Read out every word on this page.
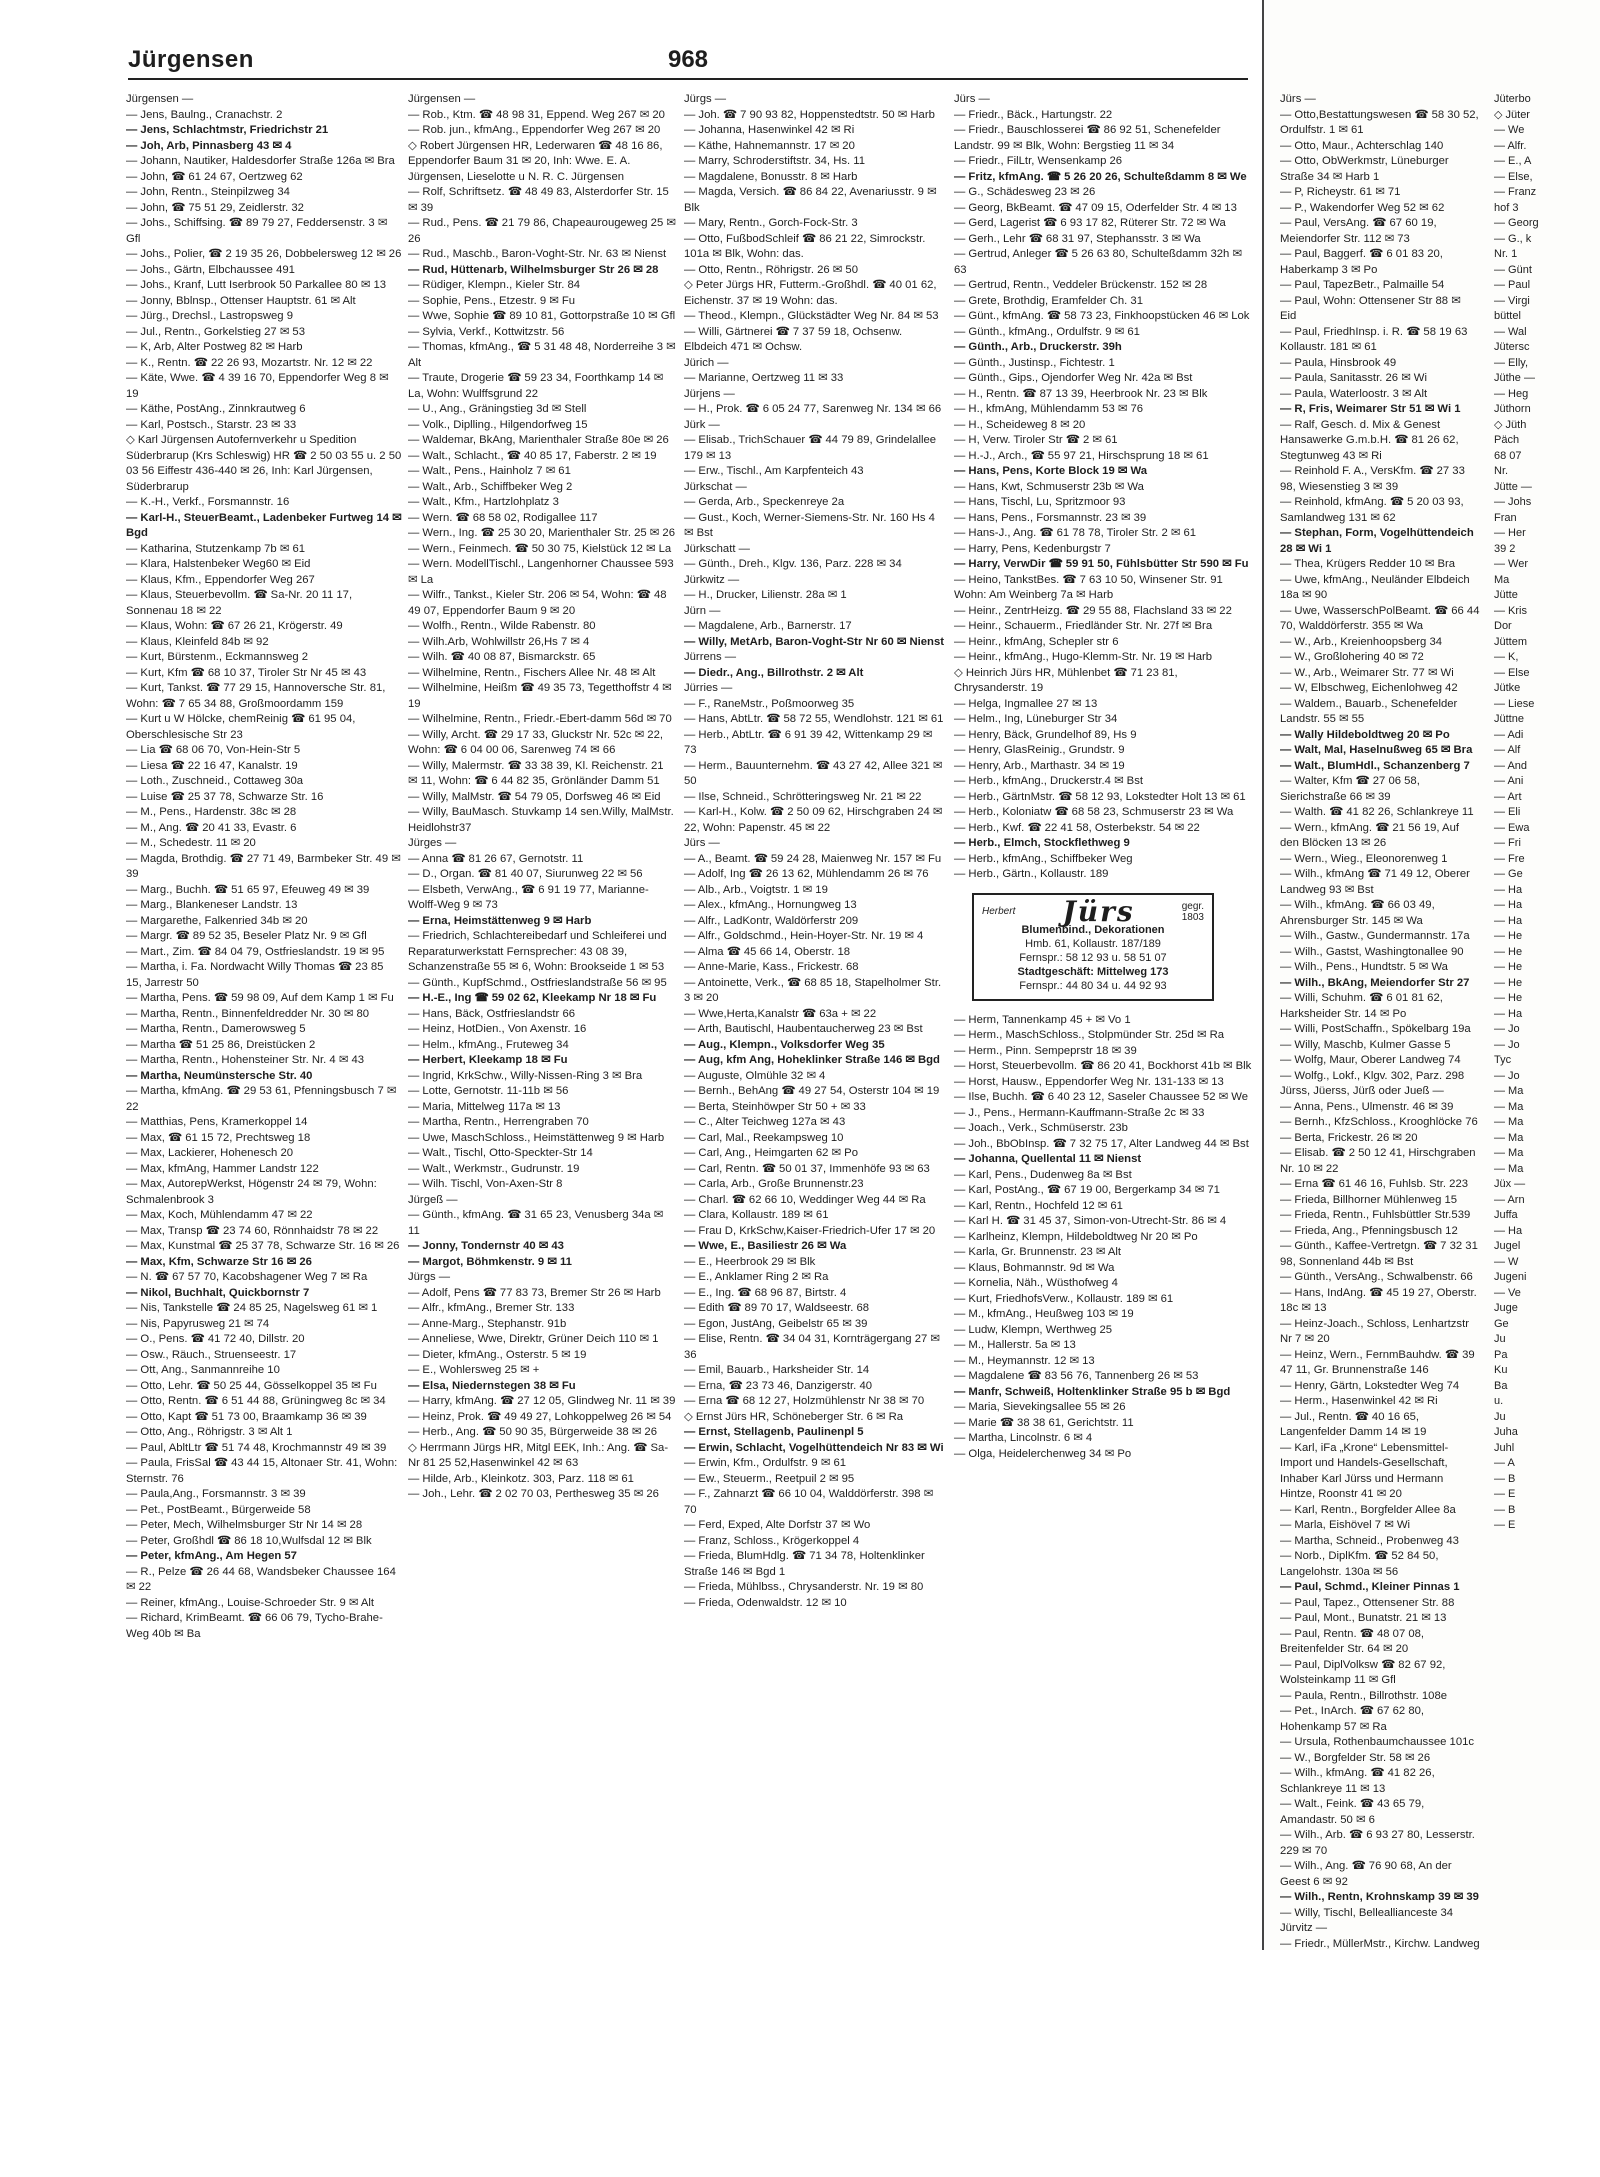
Jürgensen	968
Jürgensen —
— Jens, Baulng., Cranachstr. 2
— Jens, Schlachtmstr, Friedrichstr 21
— Joh, Arb, Pinnasberg 43 ✉ 4
— Johann, Nautiker, Haldesdorfer Straße 126a ✉ Bra
— John, ☎ 61 24 67, Oertzweg 62
— John, Rentn., Steinpilzweg 34
— John, ☎ 75 51 29, Zeidlerstr. 32
— Johs., Schiffsing. ☎ 89 79 27, Feddersenstr. 3 ✉ Gfl
— Johs., Polier, ☎ 2 19 35 26, Dobbelersweg 12 ✉ 26
— Johs., Gärtn, Elbchaussee 491
— Johs., Kranf, Lutt Iserbrook 50 Parkallee 80 ✉ 13
— Jonny, Bblnsp., Ottenser Hauptstr. 61 ✉ Alt
— Jürg., Drechsl., Lastropsweg 9
— Jul., Rentn., Gorkelstieg 27 ✉ 53
— K, Arb, Alter Postweg 82 ✉ Harb
— K., Rentn. ☎ 22 26 93, Mozartstr. Nr. 12 ✉ 22
— Käte, Wwe. ☎ 4 39 16 70, Eppendorfer Weg 8 ✉ 19
— Käthe, PostAng., Zinnkrautweg 6
— Karl, Postsch., Starstr. 23 ✉ 33
◇ Karl Jürgensen Autofernverkehr u Spedition Süderbrarup (Krs Schleswig) HR ☎ 2 50 03 55 u. 2 50 03 56 Eiffestr 436-440 ✉ 26, Inh: Karl Jürgensen, Süderbrarup
— K.-H., Verkf., Forsmannstr. 16
— Karl-H., SteuerBeamt., Ladenbeker Furtweg 14 ✉ Bgd
— Katharina, Stutzenkamp 7b ✉ 61
— Klara, Halstenbeker Weg60 ✉ Eid
— Klaus, Kfm., Eppendorfer Weg 267
— Klaus, Steuerbevollm. ☎ Sa-Nr. 20 11 17, Sonnenau 18 ✉ 22
— Klaus, Wohn: ☎ 67 26 21, Krögerstr. 49
— Klaus, Kleinfeld 84b ✉ 92
— Kurt, Bürstenm., Eckmannsweg 2
— Kurt, Kfm ☎ 68 10 37, Tiroler Str Nr 45 ✉ 43
— Kurt, Tankst. ☎ 77 29 15, Hannoversche Str. 81, Wohn: ☎ 7 65 34 88, Großmoordamm 159
— Kurt u W Hölcke, chemReinig ☎ 61 95 04, Oberschlesische Str 23
— Lia ☎ 68 06 70, Von-Hein-Str 5
— Liesa ☎ 22 16 47, Kanalstr. 19
— Loth., Zuschneid., Cottaweg 30a
— Luise ☎ 25 37 78, Schwarze Str. 16
— M., Pens., Hardenstr. 38c ✉ 28
— M., Ang. ☎ 20 41 33, Evastr. 6
— M., Schedestr. 11 ✉ 20
— Magda, Brothdig. ☎ 27 71 49, Barmbeker Str. 49 ✉ 39
— Marg., Buchh. ☎ 51 65 97, Efeuweg 49 ✉ 39
— Marg., Blankeneser Landstr. 13
— Margarethe, Falkenried 34b ✉ 20
— Margr. ☎ 89 52 35, Beseler Platz Nr. 9 ✉ Gfl
— Mart., Zim. ☎ 84 04 79, Ostfrieslandstr. 19 ✉ 95
— Martha, i. Fa. Nordwacht Willy Thomas ☎ 23 85 15, Jarrestr 50
— Martha, Pens. ☎ 59 98 09, Auf dem Kamp 1 ✉ Fu
— Martha, Rentn., Binnenfeldredder Nr. 30 ✉ 80
— Martha, Rentn., Damerowsweg 5
— Martha ☎ 51 25 86, Dreistücken 2
— Martha, Rentn., Hohensteiner Str. Nr. 4 ✉ 43
— Martha, Neumünstersche Str. 40
— Martha, kfmAng. ☎ 29 53 61, Pfenningsbusch 7 ✉ 22
— Matthias, Pens, Kramerkoppel 14
— Max, ☎ 61 15 72, Prechtsweg 18
— Max, Lackierer, Hohenesch 20
— Max, kfmAng, Hammer Landstr 122
— Max, AutorepWerkst, Högenstr 24 ✉ 79, Wohn: Schmalenbrook 3
— Max, Koch, Mühlendamm 47 ✉ 22
— Max, Transp ☎ 23 74 60, Rönnhaidstr 78 ✉ 22
— Max, Kunstmal ☎ 25 37 78, Schwarze Str. 16 ✉ 26
— Max, Kfm, Schwarze Str 16 ✉ 26
— N. ☎ 67 57 70, Kacobshagener Weg 7 ✉ Ra
— Nikol, Buchhalt, Quickbornstr 7
— Nis, Tankstelle ☎ 24 85 25, Nagelsweg 61 ✉ 1
— Nis, Papyrusweg 21 ✉ 74
— O., Pens. ☎ 41 72 40, Dillstr. 20
— Osw., Räuch., Struenseestr. 17
— Ott, Ang., Sanmannreihe 10
— Otto, Lehr. ☎ 50 25 44, Gösselkoppel 35 ✉ Fu
— Otto, Rentn. ☎ 6 51 44 88, Grüningweg 8c ✉ 34
— Otto, Kapt ☎ 51 73 00, Braamkamp 36 ✉ 39
— Otto, Ang., Röhrigstr. 3 ✉ Alt 1
— Paul, AbltLtr ☎ 51 74 48, Krochmannstr 49 ✉ 39
— Paula, FrisSal ☎ 43 44 15, Altonaer Str. 41, Wohn: Sternstr. 76
— Paula,Ang., Forsmannstr. 3 ✉ 39
— Pet., PostBeamt., Bürgerweide 58
— Peter, Mech, Wilhelmsburger Str Nr 14 ✉ 28
— Peter, Großhdl ☎ 86 18 10,Wulfsdal 12 ✉ Blk
— Peter, kfmAng., Am Hegen 57
— R., Pelze ☎ 26 44 68, Wandsbeker Chaussee 164 ✉ 22
— Reiner, kfmAng., Louise-Schroeder Str. 9 ✉ Alt
— Richard, KrimBeamt. ☎ 66 06 79, Tycho-Brahe-Weg 40b ✉ Ba
Jürgensen —
— Rob., Ktm. ☎ 48 98 31, Eppend. Weg 267 ✉ 20
— Rob. jun., kfmAng., Eppendorfer Weg 267 ✉ 20
◇ Robert Jürgensen HR, Lederwaren ☎ 48 16 86, Eppendorfer Baum 31 ✉ 20, Inh: Wwe. E. A. Jürgensen, Lieselotte u N. R. C. Jürgensen
— Rolf, Schriftsetz. ☎ 48 49 83, Alsterdorfer Str. 15 ✉ 39
— Rud., Pens. ☎ 21 79 86, Chapeaurougeweg 25 ✉ 26
— Rud., Maschb., Baron-Voght-Str. Nr. 63 ✉ Nienst
— Rud, Hüttenarb, Wilhelmsburger Str 26 ✉ 28
— Rüdiger, Klempn., Kieler Str. 84
— Sophie, Pens., Etzestr. 9 ✉ Fu
— Wwe, Sophie ☎ 89 10 81, Gottorpstraße 10 ✉ Gfl
— Sylvia, Verkf., Kottwitzstr. 56
— Thomas, kfmAng., ☎ 5 31 48 48, Norderreihe 3 ✉ Alt
— Traute, Drogerie ☎ 59 23 34, Foorthkamp 14 ✉ La, Wohn: Wulffsgrund 22
— U., Ang., Gräningstieg 3d ✉ Stell
— Volk., Diplling., Hilgendorfweg 15
— Waldemar, BkAng, Marienthaler Straße 80e ✉ 26
— Walt., Schlacht., ☎ 40 85 17, Faberstr. 2 ✉ 19
— Walt., Pens., Hainholz 7 ✉ 61
— Walt., Arb., Schiffbeker Weg 2
— Walt., Kfm., Hartzlohplatz 3
— Wern. ☎ 68 58 02, Rodigallee 117
— Wern., Ing. ☎ 25 30 20, Marienthaler Str. 25 ✉ 26
— Wern., Feinmech. ☎ 50 30 75, Kielstück 12 ✉ La
— Wern. ModellTischl., Langenhorner Chaussee 593 ✉ La
— Wilfr., Tankst., Kieler Str. 206 ✉ 54, Wohn: ☎ 48 49 07, Eppendorfer Baum 9 ✉ 20
— Wolfh., Rentn., Wilde Rabenstr. 80
— Wilh.Arb, Wohlwillstr 26,Hs 7 ✉ 4
— Wilh. ☎ 40 08 87, Bismarckstr. 65
— Wilhelmine, Rentn., Fischers Allee Nr. 48 ✉ Alt
— Wilhelmine, Heißm ☎ 49 35 73, Tegetthoffstr 4 ✉ 19
— Wilhelmine, Rentn., Friedr.-Ebert-damm 56d ✉ 70
— Willy, Archt. ☎ 29 17 33, Gluckstr Nr. 52c ✉ 22, Wohn: ☎ 6 04 00 06, Sarenweg 74 ✉ 66
— Willy, Malermstr. ☎ 33 38 39, Kl. Reichenstr. 21 ✉ 11, Wohn: ☎ 6 44 82 35, Grönländer Damm 51
— Willy, MalMstr. ☎ 54 79 05, Dorfsweg 46 ✉ Eid
— Willy, BauMasch. Stuvkamp 14 sen.Willy, MalMstr. Heidlohstr37
Jürges —
— Anna ☎ 81 26 67, Gernotstr. 11
— D., Organ. ☎ 81 40 07, Siurunweg 22 ✉ 56
— Elsbeth, VerwAng., ☎ 6 91 19 77, Marianne-Wolff-Weg 9 ✉ 73
— Erna, Heimstättenweg 9 ✉ Harb
— Friedrich, Schlachtereibedarf und Schleiferei und Reparaturwerkstatt Fernsprecher: 43 08 39, Schanzenstraße 55 ✉ 6, Wohn: Brookseide 1 ✉ 53
— Günth., KupfSchmd., Ostfrieslandstraße 56 ✉ 95
— H.-E., Ing ☎ 59 02 62, Kleekamp Nr 18 ✉ Fu
— Hans, Bäck, Ostfrieslandstr 66
— Heinz, HotDien., Von Axenstr. 16
— Helm., kfmAng., Fruteweg 34
— Herbert, Kleekamp 18 ✉ Fu
— Ingrid, KrkSchw., Willy-Nissen-Ring 3 ✉ Bra
— Lotte, Gernotstr. 11-11b ✉ 56
— Maria, Mittelweg 117a ✉ 13
— Martha, Rentn., Herrengraben 70
— Uwe, MaschSchloss., Heimstättenweg 9 ✉ Harb
— Walt., Tischl, Otto-Speckter-Str 14
— Walt., Werkmstr., Gudrunstr. 19
— Wilh. Tischl, Von-Axen-Str 8
Jürgeß —
— Günth., kfmAng. ☎ 31 65 23, Venusberg 34a ✉ 11
— Jonny, Tondernstr 40 ✉ 43
— Margot, Böhmkenstr. 9 ✉ 11
Jürgs —
— Adolf, Pens ☎ 77 83 73, Bremer Str 26 ✉ Harb
— Alfr., kfmAng., Bremer Str. 133
— Anne-Marg., Stephanstr. 91b
— Anneliese, Wwe, Direktr, Grüner Deich 110 ✉ 1
— Dieter, kfmAng., Osterstr. 5 ✉ 19
— E., Wohlersweg 25 ✉ +
— Elsa, Niedernstegen 38 ✉ Fu
— Harry, kfmAng. ☎ 27 12 05, Glindweg Nr. 11 ✉ 39
— Heinz, Prok. ☎ 49 49 27, Lohkoppelweg 26 ✉ 54
— Herb., Ang. ☎ 50 90 35, Bürgerweide 38 ✉ 26
◇ Herrmann Jürgs HR, Mitgl EEK, Inh.: Ang. ☎ Sa-Nr 81 25 52,Hasenwinkel 42 ✉ 63
— Hilde, Arb., Kleinkotz. 303, Parz. 118 ✉ 61
— Joh., Lehr. ☎ 2 02 70 03, Perthesweg 35 ✉ 26
Jürgs —
— Joh. ☎ 7 90 93 82, Hoppenstedtstr. 50 ✉ Harb
— Johanna, Hasenwinkel 42 ✉ Ri
— Käthe, Hahnemannstr. 17 ✉ 20
— Marry, Schroderstiftstr. 34, Hs. 11
— Magdalene, Bonusstr. 8 ✉ Harb
— Magda, Versich. ☎ 86 84 22, Avenariusstr. 9 ✉ Blk
— Mary, Rentn., Gorch-Fock-Str. 3
— Otto, FußbodSchleif ☎ 86 21 22, Simrockstr. 101a ✉ Blk, Wohn: das.
— Otto, Rentn., Röhrigstr. 26 ✉ 50
◇ Peter Jürgs HR, Futterm.-Großhdl. ☎ 40 01 62, Eichenstr. 37 ✉ 19 Wohn: das.
— Theod., Klempn., Glückstädter Weg Nr. 84 ✉ 53
— Willi, Gärtnerei ☎ 7 37 59 18, Ochsenw. Elbdeich 471 ✉ Ochsw.
Jürich —
— Marianne, Oertzweg 11 ✉ 33
Jürjens —
— H., Prok. ☎ 6 05 24 77, Sarenweg Nr. 134 ✉ 66
Jürk —
— Elisab., TrichSchauer ☎ 44 79 89, Grindelallee 179 ✉ 13
— Erw., Tischl., Am Karpfenteich 43
Jürkschat —
— Gerda, Arb., Speckenreye 2a
— Gust., Koch, Werner-Siemens-Str. Nr. 160 Hs 4 ✉ Bst
Jürkschatt —
— Günth., Dreh., Klgv. 136, Parz. 228 ✉ 34
Jürkwitz —
— H., Drucker, Lilienstr. 28a ✉ 1
Jürn —
— Magdalene, Arb., Barnerstr. 17
— Willy, MetArb, Baron-Voght-Str Nr 60 ✉ Nienst
Jürrens —
— Diedr., Ang., Billrothstr. 2 ✉ Alt
Jürries —
— F., RaneMstr., Poßmoorweg 35
— Hans, AbtLtr. ☎ 58 72 55, Wendlohstr. 121 ✉ 61
— Herb., AbtLtr. ☎ 6 91 39 42, Wittenkamp 29 ✉ 73
— Herm., Bauunternehm. ☎ 43 27 42, Allee 321 ✉ 50
— Ilse, Schneid., Schrötteringsweg Nr. 21 ✉ 22
— Karl-H., Kolw. ☎ 2 50 09 62, Hirschgraben 24 ✉ 22, Wohn: Papenstr. 45 ✉ 22
Jürs —
— A., Beamt. ☎ 59 24 28, Maienweg Nr. 157 ✉ Fu
— Adolf, Ing ☎ 26 13 62, Mühlendamm 26 ✉ 76
— Alb., Arb., Voigtstr. 1 ✉ 19
— Alex., kfmAng., Hornungweg 13
— Alfr., LadKontr, Waldörferstr 209
— Alfr., Goldschmd., Hein-Hoyer-Str. Nr. 19 ✉ 4
— Alma ☎ 45 66 14, Oberstr. 18
— Anne-Marie, Kass., Frickestr. 68
— Antoinette, Verk., ☎ 68 85 18, Stapelholmer Str. 3 ✉ 20
— Wwe,Herta,Kanalstr ☎ 63a + ✉ 22
— Arth, Bautischl, Haubentaucherweg 23 ✉ Bst
— Aug., Klempn., Volksdorfer Weg 35
— Aug, kfm Ang, Hoheklinker Straße 146 ✉ Bgd
— Auguste, Olmühle 32 ✉ 4
— Bernh., BehAng ☎ 49 27 54, Osterstr 104 ✉ 19
— Berta, Steinhöwper Str 50 + ✉ 33
— C., Alter Teichweg 127a ✉ 43
— Carl, Mal., Reekampsweg 10
— Carl, Ang., Heimgarten 62 ✉ Po
— Carl, Rentn. ☎ 50 01 37, Immenhöfe 93 ✉ 63
— Carla, Arb., Große Brunnenstr.23
— Charl. ☎ 62 66 10, Weddinger Weg 44 ✉ Ra
— Clara, Kollaustr. 189 ✉ 61
— Frau D, KrkSchw,Kaiser-Friedrich-Ufer 17 ✉ 20
— Wwe, E., Basiliestr 26 ✉ Wa
— E., Heerbrook 29 ✉ Blk
— E., Anklamer Ring 2 ✉ Ra
— E., Ing. ☎ 68 96 87, Birtstr. 4
— Edith ☎ 89 70 17, Waldseestr. 68
— Egon, JustAng, Geibelstr 65 ✉ 39
— Elise, Rentn. ☎ 34 04 31, Kornträgergang 27 ✉ 36
— Emil, Bauarb., Harksheider Str. 14
— Erna, ☎ 23 73 46, Danzigerstr. 40
— Erna ☎ 68 12 27, Holzmühlenstr Nr 38 ✉ 70
◇ Ernst Jürs HR, Schöneberger Str. 6 ✉ Ra
— Ernst, Stellagenb, Paulinenpl 5
— Erwin, Schlacht, Vogelhüttendeich Nr 83 ✉ Wi
— Erwin, Kfm., Ordulfstr. 9 ✉ 61
— Ew., Steuerm., Reetpuil 2 ✉ 95
— F., Zahnarzt ☎ 66 10 04, Walddörferstr. 398 ✉ 70
— Ferd, Exped, Alte Dorfstr 37 ✉ Wo
— Franz, Schloss., Krögerkoppel 4
— Frieda, BlumHdlg. ☎ 71 34 78, Holtenklinker Straße 146 ✉ Bgd 1
— Frieda, Mühlbss., Chrysanderstr. Nr. 19 ✉ 80
— Frieda, Odenwaldstr. 12 ✉ 10
Jürs —
— Friedr., Bäck., Hartungstr. 22
— Friedr., Bauschlosserei ☎ 86 92 51, Schenefelder Landstr. 99 ✉ Blk, Wohn: Bergstieg 11 ✉ 34
— Friedr., FilLtr, Wensenkamp 26
— Fritz, kfmAng. ☎ 5 26 20 26, Schulteßdamm 8 ✉ We
— G., Schädesweg 23 ✉ 26
— Georg, BkBeamt. ☎ 47 09 15, Oderfelder Str. 4 ✉ 13
— Gerd, Lagerist ☎ 6 93 17 82, Rüterer Str. 72 ✉ Wa
— Gerh., Lehr ☎ 68 31 97, Stephansstr. 3 ✉ Wa
— Gertrud, Anleger ☎ 5 26 63 80, Schulteßdamm 32h ✉ 63
— Gertrud, Rentn., Veddeler Brückenstr. 152 ✉ 28
— Grete, Brothdig, Eramfelder Ch. 31
— Günt., kfmAng. ☎ 58 73 23, Finkhoopstücken 46 ✉ Lok
— Günth., kfmAng., Ordulfstr. 9 ✉ 61
— Günth., Arb., Druckerstr. 39h
— Günth., Justinsp., Fichtestr. 1
— Günth., Gips., Ojendorfer Weg Nr. 42a ✉ Bst
— H., Rentn. ☎ 87 13 39, Heerbrook Nr. 23 ✉ Blk
— H., kfmAng, Mühlendamm 53 ✉ 76
— H., Scheideweg 8 ✉ 20
— H, Verw. Tiroler Str ☎ 2 ✉ 61
— H.-J., Arch., ☎ 55 97 21, Hirschsprung 18 ✉ 61
— Hans, Pens, Korte Block 19 ✉ Wa
— Hans, Kwt, Schmuserstr 23b ✉ Wa
— Hans, Tischl, Lu, Spritzmoor 93
— Hans, Pens., Forsmannstr. 23 ✉ 39
— Hans-J., Ang. ☎ 61 78 78, Tiroler Str. 2 ✉ 61
— Harry, Pens, Kedenburgstr 7
— Harry, VerwDir ☎ 59 91 50, Fühlsbütter Str 590 ✉ Fu
— Heino, TankstBes. ☎ 7 63 10 50, Winsener Str. 91 Wohn: Am Weinberg 7a ✉ Harb
— Heinr., ZentrHeizg. ☎ 29 55 88, Flachsland 33 ✉ 22
— Heinr., Schauerm., Friedländer Str. Nr. 27f ✉ Bra
— Heinr., kfmAng, Schepler str 6
— Heinr., kfmAng., Hugo-Klemm-Str. Nr. 19 ✉ Harb
◇ Heinrich Jürs HR, Mühlenbet ☎ 71 23 81, Chrysanderstr. 19
— Helga, Ingmallee 27 ✉ 13
— Helm., Ing, Lüneburger Str 34
— Henry, Bäck, Grundelhof 89, Hs 9
— Henry, GlasReinig., Grundstr. 9
— Henry, Arb., Marthastr. 34 ✉ 19
— Herb., kfmAng., Druckerstr.4 ✉ Bst
— Herb., GärtnMstr. ☎ 58 12 93, Lokstedter Holt 13 ✉ 61
— Herb., Koloniatw ☎ 68 58 23, Schmuserstr 23 ✉ Wa
— Herb., Kwf. ☎ 22 41 58, Osterbekstr. 54 ✉ 22
— Herb., Elmch, Stockflethweg 9
— Herb., kfmAng., Schiffbeker Weg
— Herb., Gärtn., Kollaustr. 189
Herbert Jürs	gegr.
1803
Blumenbind., Dekorationen
Hmb. 61, Kollaustr. 187/189
Fernspr.: 58 12 93 u. 58 51 07
Stadtgeschäft: Mittelweg 173
Fernspr.: 44 80 34 u. 44 92 93
— Herm, Tannenkamp 45 + ✉ Vo 1
— Herm., MaschSchloss., Stolpmünder Str. 25d ✉ Ra
— Herm., Pinn. Sempeprstr 18 ✉ 39
— Horst, Steuerbevollm. ☎ 86 20 41, Bockhorst 41b ✉ Blk
— Horst, Hausw., Eppendorfer Weg Nr. 131-133 ✉ 13
— Ilse, Buchh. ☎ 6 40 23 12, Saseler Chaussee 52 ✉ We
— J., Pens., Hermann-Kauffmann-Straße 2c ✉ 33
— Joach., Verk., Schmüserstr. 23b
— Joh., BbObInsp. ☎ 7 32 75 17, Alter Landweg 44 ✉ Bst
— Johanna, Quellental 11 ✉ Nienst
— Karl, Pens., Dudenweg 8a ✉ Bst
— Karl, PostAng., ☎ 67 19 00, Bergerkamp 34 ✉ 71
— Karl, Rentn., Hochfeld 12 ✉ 61
— Karl H. ☎ 31 45 37, Simon-von-Utrecht-Str. 86 ✉ 4
— Karlheinz, Klempn, Hildeboldtweg Nr 20 ✉ Po
— Karla, Gr. Brunnenstr. 23 ✉ Alt
— Klaus, Bohmannstr. 9d ✉ Wa
— Kornelia, Näh., Wüsthofweg 4
— Kurt, FriedhofsVerw., Kollaustr. 189 ✉ 61
— M., kfmAng., Heußweg 103 ✉ 19
— Ludw, Klempn, Werthweg 25
— M., Hallerstr. 5a ✉ 13
— M., Heymannstr. 12 ✉ 13
— Magdalene ☎ 83 56 76, Tannenberg 26 ✉ 53
— Manfr, Schweiß, Holtenklinker Straße 95 b ✉ Bgd
— Maria, Sievekingsallee 55 ✉ 26
— Marie ☎ 38 38 61, Gerichtstr. 11
— Martha, Lincolnstr. 6 ✉ 4
— Olga, Heidelerchenweg 34 ✉ Po
Jürs —
— Otto,Bestattungswesen ☎ 58 30 52, Ordulfstr. 1 ✉ 61
— Otto, Maur., Achterschlag 140
— Otto, ObWerkmstr, Lüneburger Straße 34 ✉ Harb 1
— P, Richeystr. 61 ✉ 71
— P., Wakendorfer Weg 52 ✉ 62
— Paul, VersAng. ☎ 67 60 19, Meiendorfer Str. 112 ✉ 73
— Paul, Baggerf. ☎ 6 01 83 20, Haberkamp 3 ✉ Po
— Paul, TapezBetr., Palmaille 54
— Paul, Wohn: Ottensener Str 88 ✉ Eid
— Paul, FriedhInsp. i. R. ☎ 58 19 63 Kollaustr. 181 ✉ 61
— Paula, Hinsbrook 49
— Paula, Sanitasstr. 26 ✉ Wi
— Paula, Waterloostr. 3 ✉ Alt
— R, Fris, Weimarer Str 51 ✉ Wi 1
— Ralf, Gesch. d. Mix & Genest Hansawerke G.m.b.H. ☎ 81 26 62, Stegtunweg 43 ✉ Ri
— Reinhold F. A., VersKfm. ☎ 27 33 98, Wiesenstieg 3 ✉ 39
— Reinhold, kfmAng. ☎ 5 20 03 93, Samlandweg 131 ✉ 62
— Stephan, Form, Vogelhüttendeich 28 ✉ Wi 1
— Thea, Krügers Redder 10 ✉ Bra
— Uwe, kfmAng., Neuländer Elbdeich 18a ✉ 90
— Uwe, WasserschPolBeamt. ☎ 66 44 70, Walddörferstr. 355 ✉ Wa
— W., Arb., Kreienhoopsberg 34
— W., Großlohering 40 ✉ 72
— W., Arb., Weimarer Str. 77 ✉ Wi
— W, Elbschweg, Eichenlohweg 42
— Waldem., Bauarb., Schenefelder Landstr. 55 ✉ 55
— Wally Hildeboldtweg 20 ✉ Po
— Walt, Mal, Haselnußweg 65 ✉ Bra
— Walt., BlumHdl., Schanzenberg 7
— Walter, Kfm ☎ 27 06 58, Sierichstraße 66 ✉ 39
— Walth. ☎ 41 82 26, Schlankreye 11
— Wern., kfmAng. ☎ 21 56 19, Auf den Blöcken 13 ✉ 26
— Wern., Wieg., Eleonorenweg 1
— Wilh., kfmAng ☎ 71 49 12, Oberer Landweg 93 ✉ Bst
— Wilh., kfmAng. ☎ 66 03 49, Ahrensburger Str. 145 ✉ Wa
— Wilh., Gastw., Gundermannstr. 17a
— Wilh., Gastst, Washingtonallee 90
— Wilh., Pens., Hundtstr. 5 ✉ Wa
— Wilh., BkAng, Meiendorfer Str 27
— Willi, Schuhm. ☎ 6 01 81 62, Harksheider Str. 14 ✉ Po
— Willi, PostSchaffn., Spökelbarg 19a
— Willy, Maschb, Kulmer Gasse 5
— Wolfg, Maur, Oberer Landweg 74
— Wolfg., Lokf., Klgv. 302, Parz. 298
Jürss, Jüerss, Jürß oder Jueß —
— Anna, Pens., Ulmenstr. 46 ✉ 39
— Bernh., KfzSchloss., Krooghlöcke 76
— Berta, Frickestr. 26 ✉ 20
— Elisab. ☎ 2 50 12 41, Hirschgraben Nr. 10 ✉ 22
— Erna ☎ 61 46 16, Fuhlsb. Str. 223
— Frieda, Billhorner Mühlenweg 15
— Frieda, Rentn., Fuhlsbüttler Str.539
— Frieda, Ang., Pfenningsbusch 12
— Günth., Kaffee-Vertretgn. ☎ 7 32 31 98, Sonnenland 44b ✉ Bst
— Günth., VersAng., Schwalbenstr. 66
— Hans, IndAng. ☎ 45 19 27, Oberstr. 18c ✉ 13
— Heinz-Joach., Schloss, Lenhartzstr Nr 7 ✉ 20
— Heinz, Wern., FernmBauhdw. ☎ 39 47 11, Gr. Brunnenstraße 146
— Henry, Gärtn, Lokstedter Weg 74
— Herm., Hasenwinkel 42 ✉ Ri
— Jul., Rentn. ☎ 40 16 65, Langenfelder Damm 14 ✉ 19
— Karl, iFa „Krone“ Lebensmittel-Import und Handels-Gesellschaft, Inhaber Karl Jürss und Hermann Hintze, Roonstr 41 ✉ 20
— Karl, Rentn., Borgfelder Allee 8a
— Marla, Eishövel 7 ✉ Wi
— Martha, Schneid., Probenweg 43
— Norb., DiplKfm. ☎ 52 84 50, Langelohstr. 130a ✉ 56
— Paul, Schmd., Kleiner Pinnas 1
— Paul, Tapez., Ottensener Str. 88
— Paul, Mont., Bunatstr. 21 ✉ 13
— Paul, Rentn. ☎ 48 07 08, Breitenfelder Str. 64 ✉ 20
— Paul, DiplVolksw ☎ 82 67 92, Wolsteinkamp 11 ✉ Gfl
— Paula, Rentn., Billrothstr. 108e
— Pet., InArch. ☎ 67 62 80, Hohenkamp 57 ✉ Ra
— Ursula, Rothenbaumchaussee 101c
— W., Borgfelder Str. 58 ✉ 26
— Wilh., kfmAng. ☎ 41 82 26, Schlankreye 11 ✉ 13
— Walt., Feink. ☎ 43 65 79, Amandastr. 50 ✉ 6
— Wilh., Arb. ☎ 6 93 27 80, Lesserstr. 229 ✉ 70
— Wilh., Ang. ☎ 76 90 68, An der Geest 6 ✉ 92
— Wilh., Rentn, Krohnskamp 39 ✉ 39
— Willy, Tischl, Belleallianceste 34
Jürvitz —
— Friedr., MüllerMstr., Kirchw. Landweg
Jüterbo
◇ Jüter
— We
— Alfr.
— E., A
— Else,
— Franz
hof 3
— Georg
— G., k
Nr. 1
— Günt
— Paul
— Virgi
büttel
— Wal
Jütersc
— Elly,
Jüthe —
— Heg
Jüthorn
◇ Jüth
Päch
68 07
Nr.
Jütte —
— Johs
Fran
— Her
39 2
— Wer
Ma
Jütte
— Kris
Dor
Jüttem
— K,
— Else
Jütke
— Liese
Jüttne
— Adi
— Alf
— And
— Ani
— Art
— Eli
— Ewa
— Fri
— Fre
— Ge
— Ha
— Ha
— Ha
— He
— He
— He
— He
— He
— Ha
— Jo
— Jo
Tyc
— Jo
— Ma
— Ma
— Ma
— Ma
— Ma
— Ma
Jüx —
— Arn
Juffa
— Ha
Jugel
— W
Jugeni
— Ve
Juge
Ge
Ju
Pa
Ku
Ba
u.
Ju
Juha
Juhl
— A
— B
— E
— B
— E
